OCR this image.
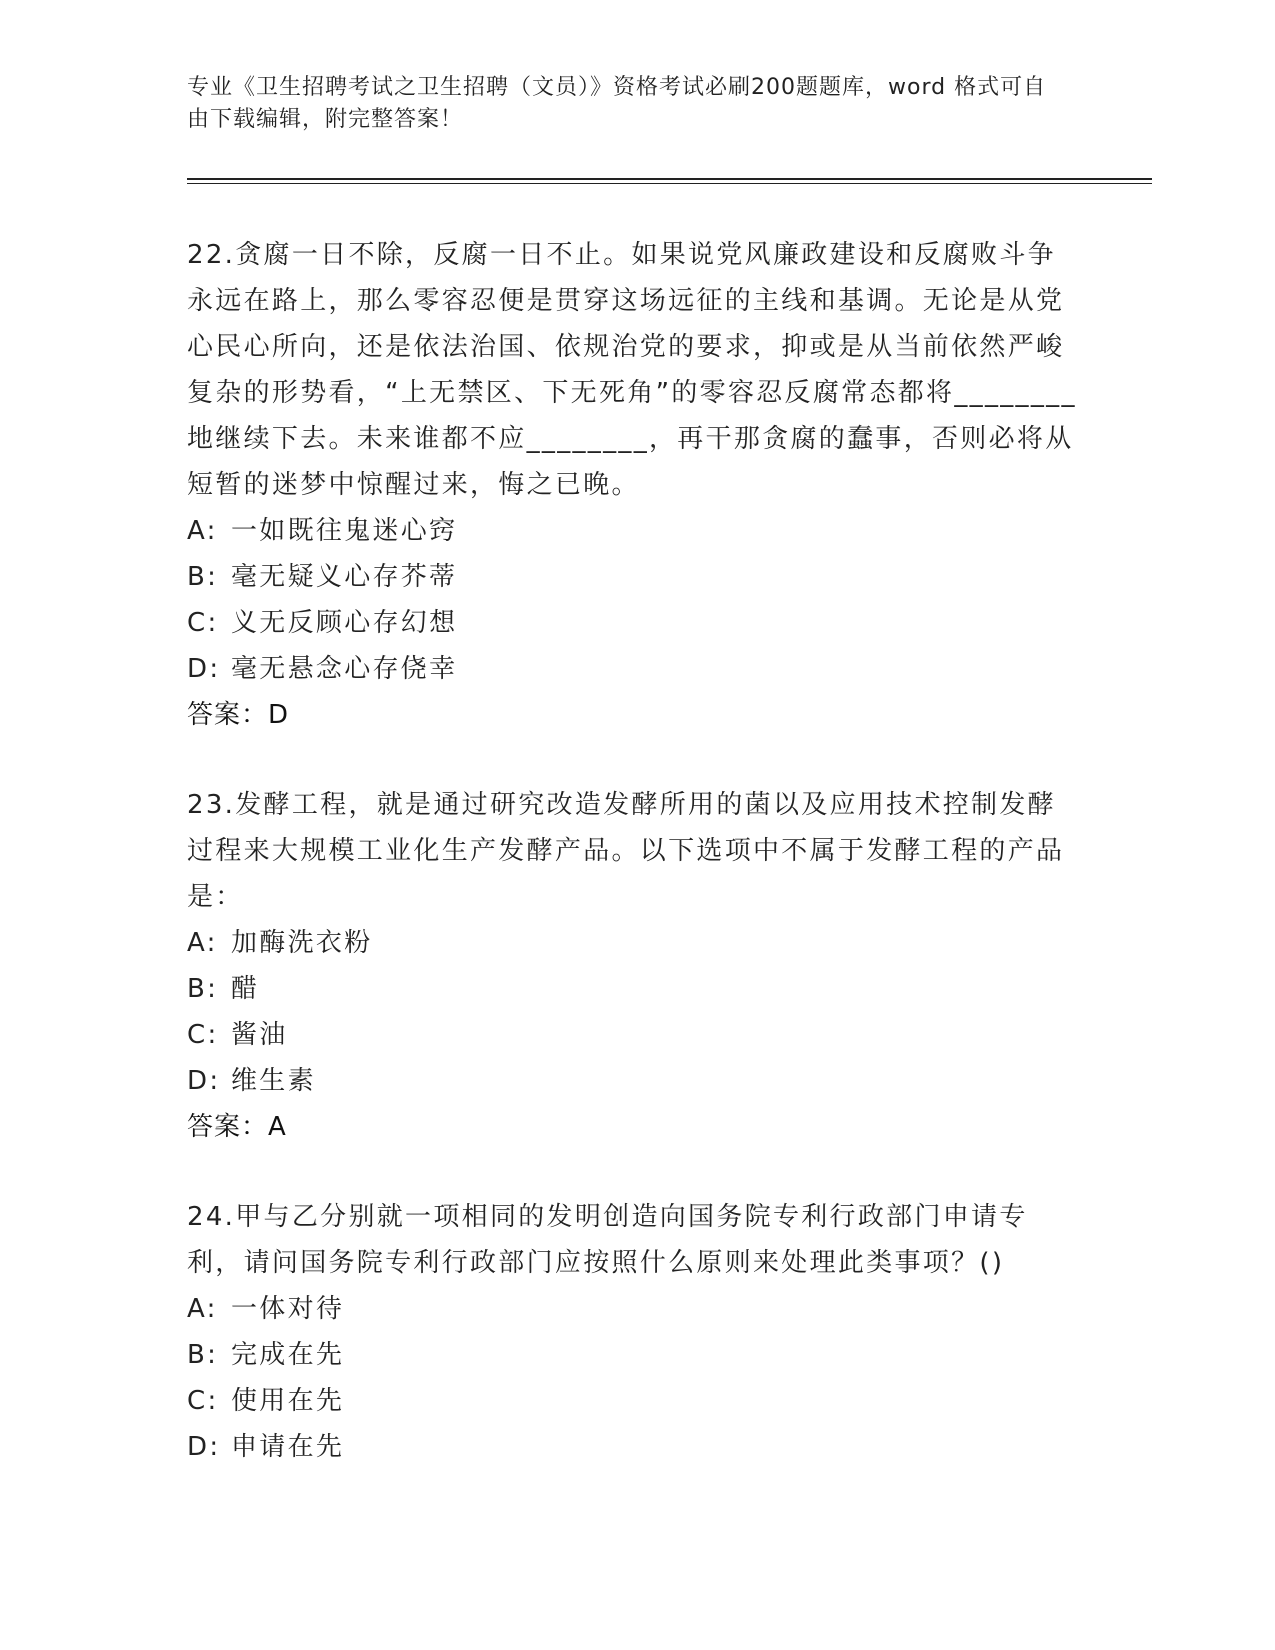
专业《卫生招聘考试之卫生招聘（文员）》资格考试必刷200题题库，word 格式可自由下载编辑，附完整答案！

22.贪腐一日不除，反腐一日不止。如果说党风廉政建设和反腐败斗争永远在路上，那么零容忍便是贯穿这场远征的主线和基调。无论是从党心民心所向，还是依法治国、依规治党的要求，抑或是从当前依然严峻复杂的形势看，“上无禁区、下无死角”的零容忍反腐常态都将________地继续下去。未来谁都不应________，再干那贪腐的蠢事，否则必将从短暂的迷梦中惊醒过来，悔之已晚。

A: 一如既往鬼迷心窍
B: 毫无疑义心存芥蒂
C: 义无反顾心存幻想
D: 毫无悬念心存侥幸

答案：D

23.发酵工程，就是通过研究改造发酵所用的菌以及应用技术控制发酵过程来大规模工业化生产发酵产品。以下选项中不属于发酵工程的产品是：

A: 加酶洗衣粉
B: 醋
C: 酱油
D: 维生素

答案：A

24.甲与乙分别就一项相同的发明创造向国务院专利行政部门申请专利，请问国务院专利行政部门应按照什么原则来处理此类事项？()

A: 一体对待
B: 完成在先
C: 使用在先
D: 申请在先
